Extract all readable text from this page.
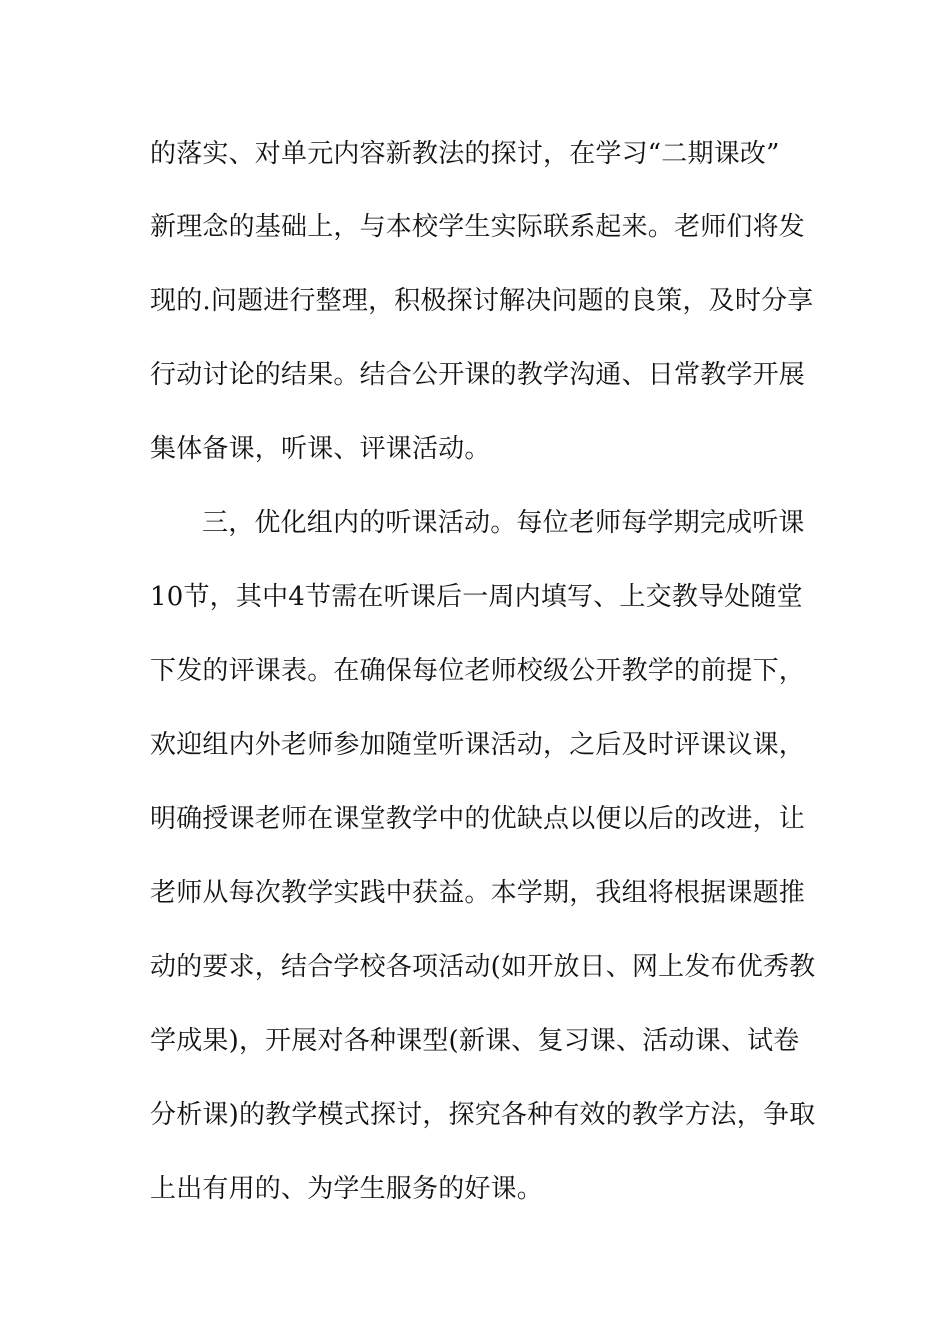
的落实、对单元内容新教法的探讨，在学习“二期课改”
新理念的基础上，与本校学生实际联系起来。老师们将发
现的.问题进行整理，积极探讨解决问题的良策，及时分享
行动讨论的结果。结合公开课的教学沟通、日常教学开展
集体备课，听课、评课活动。
三，优化组内的听课活动。每位老师每学期完成听课
10节，其中4节需在听课后一周内填写、上交教导处随堂
下发的评课表。在确保每位老师校级公开教学的前提下，
欢迎组内外老师参加随堂听课活动，之后及时评课议课，
明确授课老师在课堂教学中的优缺点以便以后的改进，让
老师从每次教学实践中获益。本学期，我组将根据课题推
动的要求，结合学校各项活动(如开放日、网上发布优秀教
学成果)，开展对各种课型(新课、复习课、活动课、试卷
分析课)的教学模式探讨，探究各种有效的教学方法，争取
上出有用的、为学生服务的好课。
